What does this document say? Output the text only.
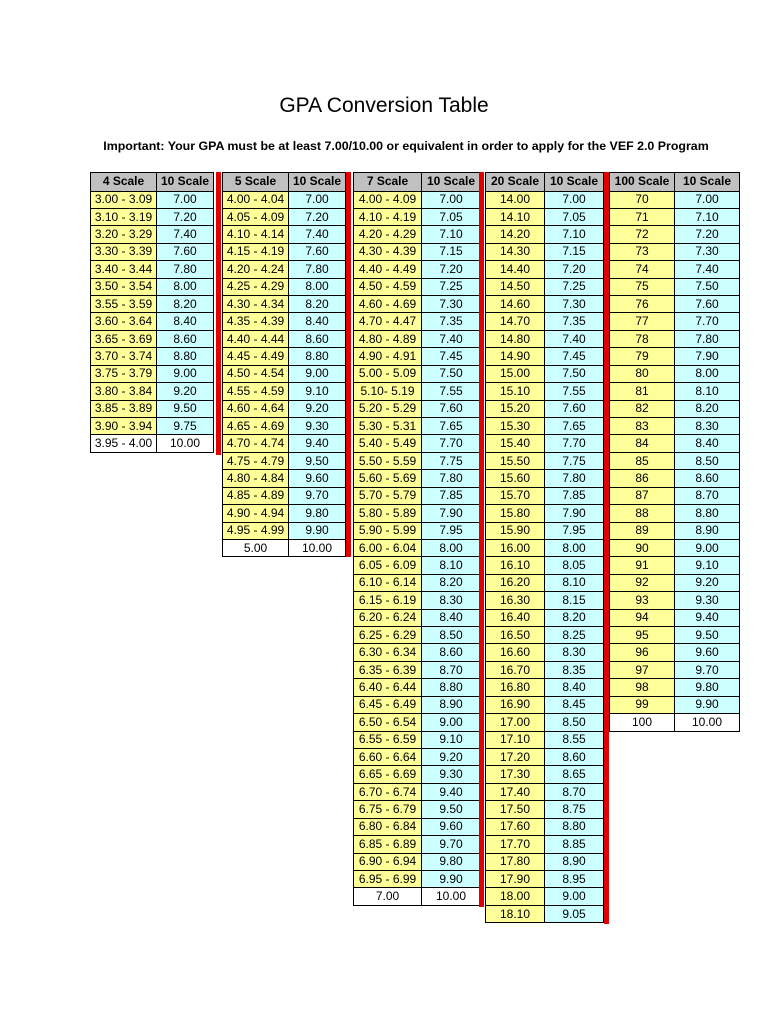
GPA Conversion Table
Important: Your GPA must be at least 7.00/10.00 or equivalent in order to apply for the VEF 2.0 Program
4 Scale	10 Scale
3.00 - 3.09	7.00
3.10 - 3.19	7.20
3.20 - 3.29	7.40
3.30 - 3.39	7.60
3.40 - 3.44	7.80
3.50 - 3.54	8.00
3.55 - 3.59	8.20
3.60 - 3.64	8.40
3.65 - 3.69	8.60
3.70 - 3.74	8.80
3.75 - 3.79	9.00
3.80 - 3.84	9.20
3.85 - 3.89	9.50
3.90 - 3.94	9.75
3.95 - 4.00	10.00
5 Scale	10 Scale
4.00 - 4.04	7.00
4.05 - 4.09	7.20
4.10 - 4.14	7.40
4.15 - 4.19	7.60
4.20 - 4.24	7.80
4.25 - 4.29	8.00
4.30 - 4.34	8.20
4.35 - 4.39	8.40
4.40 - 4.44	8.60
4.45 - 4.49	8.80
4.50 - 4.54	9.00
4.55 - 4.59	9.10
4.60 - 4.64	9.20
4.65 - 4.69	9.30
4.70 - 4.74	9.40
4.75 - 4.79	9.50
4.80 - 4.84	9.60
4.85 - 4.89	9.70
4.90 - 4.94	9.80
4.95 - 4.99	9.90
5.00	10.00
7 Scale	10 Scale
4.00 - 4.09	7.00
4.10 - 4.19	7.05
4.20 - 4.29	7.10
4.30 - 4.39	7.15
4.40 - 4.49	7.20
4.50 - 4.59	7.25
4.60 - 4.69	7.30
4.70 - 4.47	7.35
4.80 - 4.89	7.40
4.90 - 4.91	7.45
5.00 - 5.09	7.50
5.10- 5.19	7.55
5.20 - 5.29	7.60
5.30 - 5.31	7.65
5.40 - 5.49	7.70
5.50 - 5.59	7.75
5.60 - 5.69	7.80
5.70 - 5.79	7.85
5.80 - 5.89	7.90
5.90 - 5.99	7.95
6.00 - 6.04	8.00
6.05 - 6.09	8.10
6.10 - 6.14	8.20
6.15 - 6.19	8.30
6.20 - 6.24	8.40
6.25 - 6.29	8.50
6.30 - 6.34	8.60
6.35 - 6.39	8.70
6.40 - 6.44	8.80
6.45 - 6.49	8.90
6.50 - 6.54	9.00
6.55 - 6.59	9.10
6.60 - 6.64	9.20
6.65 - 6.69	9.30
6.70 - 6.74	9.40
6.75 - 6.79	9.50
6.80 - 6.84	9.60
6.85 - 6.89	9.70
6.90 - 6.94	9.80
6.95 - 6.99	9.90
7.00	10.00
20 Scale	10 Scale
14.00	7.00
14.10	7.05
14.20	7.10
14.30	7.15
14.40	7.20
14.50	7.25
14.60	7.30
14.70	7.35
14.80	7.40
14.90	7.45
15.00	7.50
15.10	7.55
15.20	7.60
15.30	7.65
15.40	7.70
15.50	7.75
15.60	7.80
15.70	7.85
15.80	7.90
15.90	7.95
16.00	8.00
16.10	8.05
16.20	8.10
16.30	8.15
16.40	8.20
16.50	8.25
16.60	8.30
16.70	8.35
16.80	8.40
16.90	8.45
17.00	8.50
17.10	8.55
17.20	8.60
17.30	8.65
17.40	8.70
17.50	8.75
17.60	8.80
17.70	8.85
17.80	8.90
17.90	8.95
18.00	9.00
18.10	9.05
100 Scale	10 Scale
70	7.00
71	7.10
72	7.20
73	7.30
74	7.40
75	7.50
76	7.60
77	7.70
78	7.80
79	7.90
80	8.00
81	8.10
82	8.20
83	8.30
84	8.40
85	8.50
86	8.60
87	8.70
88	8.80
89	8.90
90	9.00
91	9.10
92	9.20
93	9.30
94	9.40
95	9.50
96	9.60
97	9.70
98	9.80
99	9.90
100	10.00
